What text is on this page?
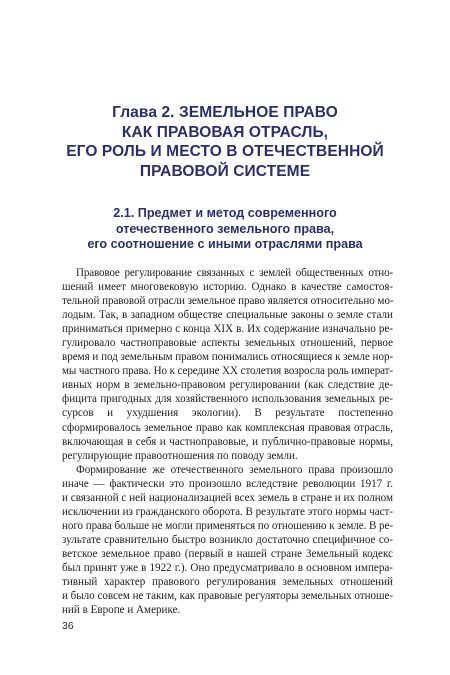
Глава 2. ЗЕМЕЛЬНОЕ ПРАВО
КАК ПРАВОВАЯ ОТРАСЛЬ,
ЕГО РОЛЬ И МЕСТО В ОТЕЧЕСТВЕННОЙ
ПРАВОВОЙ СИСТЕМЕ
2.1. Предмет и метод современного
отечественного земельного права,
его соотношение с иными отраслями права
Правовое регулирование связанных с землей общественных отно-
шений имеет многовековую историю. Однако в качестве самостоя-
тельной правовой отрасли земельное право является относительно мо-
лодым. Так, в западном обществе специальные законы о земле стали
приниматься примерно с конца XIX в. Их содержание изначально ре-
гулировало частноправовые аспекты земельных отношений, первое
время и под земельным правом понимались относящиеся к земле нор-
мы частного права. Но к середине XX столетия возросла роль императ-
ивных норм в земельно-правовом регулировании (как следствие де-
фицита пригодных для хозяйственного использования земельных ре-
сурсов и ухудшения экологии). В результате постепенно
сформировалось земельное право как комплексная правовая отрасль,
включающая в себя и частноправовые, и публично-правовые нормы,
регулирующие правоотношения по поводу земли.
Формирование же отечественного земельного права произошло
иначе — фактически это произошло вследствие революции 1917 г.
и связанной с ней национализацией всех земель в стране и их полном
исключении из гражданского оборота. В результате этого нормы част-
ного права больше не могли применяться по отношению к земле. В ре-
зультате сравнительно быстро возникло достаточно специфичное со-
ветское земельное право (первый в нашей стране Земельный кодекс
был принят уже в 1922 г.). Оно предусматривало в основном импера-
тивный характер правового регулирования земельных отношений
и было совсем не таким, как правовые регуляторы земельных отноше-
ний в Европе и Америке.
36
